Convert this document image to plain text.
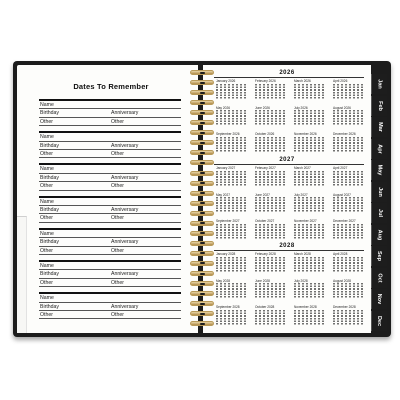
Dates To Remember
Name
Birthday	Anniversary
Other	Other
Name
Birthday	Anniversary
Other	Other
Name
Birthday	Anniversary
Other	Other
Name
Birthday	Anniversary
Other	Other
Name
Birthday	Anniversary
Other	Other
Name
Birthday	Anniversary
Other	Other
Name
Birthday	Anniversary
Other	Other
2026
January 2026	February 2026	March 2026	April 2026
May 2026	June 2026	July 2026	August 2026
September 2026	October 2026	November 2026	December 2026
2027
January 2027	February 2027	March 2027	April 2027
May 2027	June 2027	July 2027	August 2027
September 2027	October 2027	November 2027	December 2027
2028
January 2028	February 2028	March 2028	April 2028
May 2028	June 2028	July 2028	August 2028
September 2028	October 2028	November 2028	December 2028
Jan
Feb
Mar
Apr
May
Jun
Jul
Aug
Sep
Oct
Nov
Dec
